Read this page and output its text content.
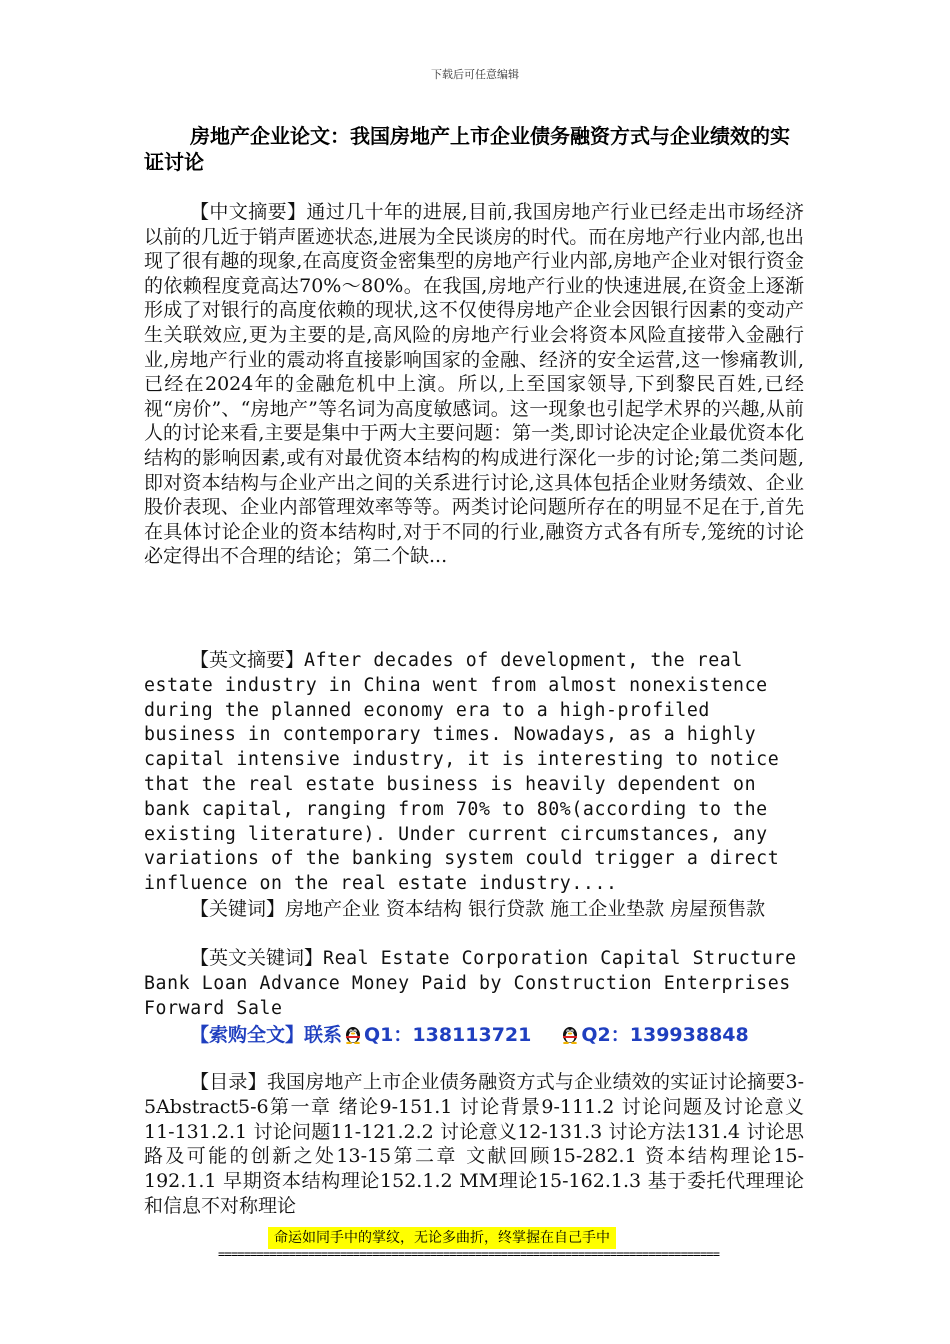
下载后可任意编辑
房地产企业论文：我国房地产上市企业债务融资方式与企业绩效的实证讨论
【中文摘要】通过几十年的进展,目前,我国房地产行业已经走出市场经济以前的几近于销声匿迹状态,进展为全民谈房的时代。而在房地产行业内部,也出现了很有趣的现象,在高度资金密集型的房地产行业内部,房地产企业对银行资金的依赖程度竟高达70%～80%。在我国,房地产行业的快速进展,在资金上逐渐形成了对银行的高度依赖的现状,这不仅使得房地产企业会因银行因素的变动产生关联效应,更为主要的是,高风险的房地产行业会将资本风险直接带入金融行业,房地产行业的震动将直接影响国家的金融、经济的安全运营,这一惨痛教训,已经在2024年的金融危机中上演。所以,上至国家领导,下到黎民百姓,已经视“房价”、“房地产”等名词为高度敏感词。这一现象也引起学术界的兴趣,从前人的讨论来看,主要是集中于两大主要问题：第一类,即讨论决定企业最优资本化结构的影响因素,或有对最优资本结构的构成进行深化一步的讨论;第二类问题,即对资本结构与企业产出之间的关系进行讨论,这具体包括企业财务绩效、企业股价表现、企业内部管理效率等等。两类讨论问题所存在的明显不足在于,首先在具体讨论企业的资本结构时,对于不同的行业,融资方式各有所专,笼统的讨论必定得出不合理的结论；第二个缺...
【英文摘要】After decades of development, the real estate industry in China went from almost nonexistence during the planned economy era to a high-profiled business in contemporary times. Nowadays, as a highly capital intensive industry, it is interesting to notice that the real estate business is heavily dependent on bank capital, ranging from 70% to 80%(according to the existing literature). Under current circumstances, any variations of the banking system could trigger a direct influence on the real estate industry....
【关键词】房地产企业 资本结构 银行贷款 施工企业垫款 房屋预售款
【英文关键词】Real Estate Corporation Capital Structure Bank Loan Advance Money Paid by Construction Enterprises Forward Sale
【索购全文】联系 Q1：138113721	Q2：139938848
【目录】我国房地产上市企业债务融资方式与企业绩效的实证讨论摘要3-5Abstract5-6第一章 绪论9-151.1 讨论背景9-111.2 讨论问题及讨论意义11-131.2.1 讨论问题11-121.2.2 讨论意义12-131.3 讨论方法131.4 讨论思路及可能的创新之处13-15第二章 文献回顾15-282.1 资本结构理论15-192.1.1 早期资本结构理论152.1.2 MM理论15-162.1.3 基于委托代理理论和信息不对称理论
命运如同手中的掌纹，无论多曲折，终掌握在自己手中
==============================================================================
